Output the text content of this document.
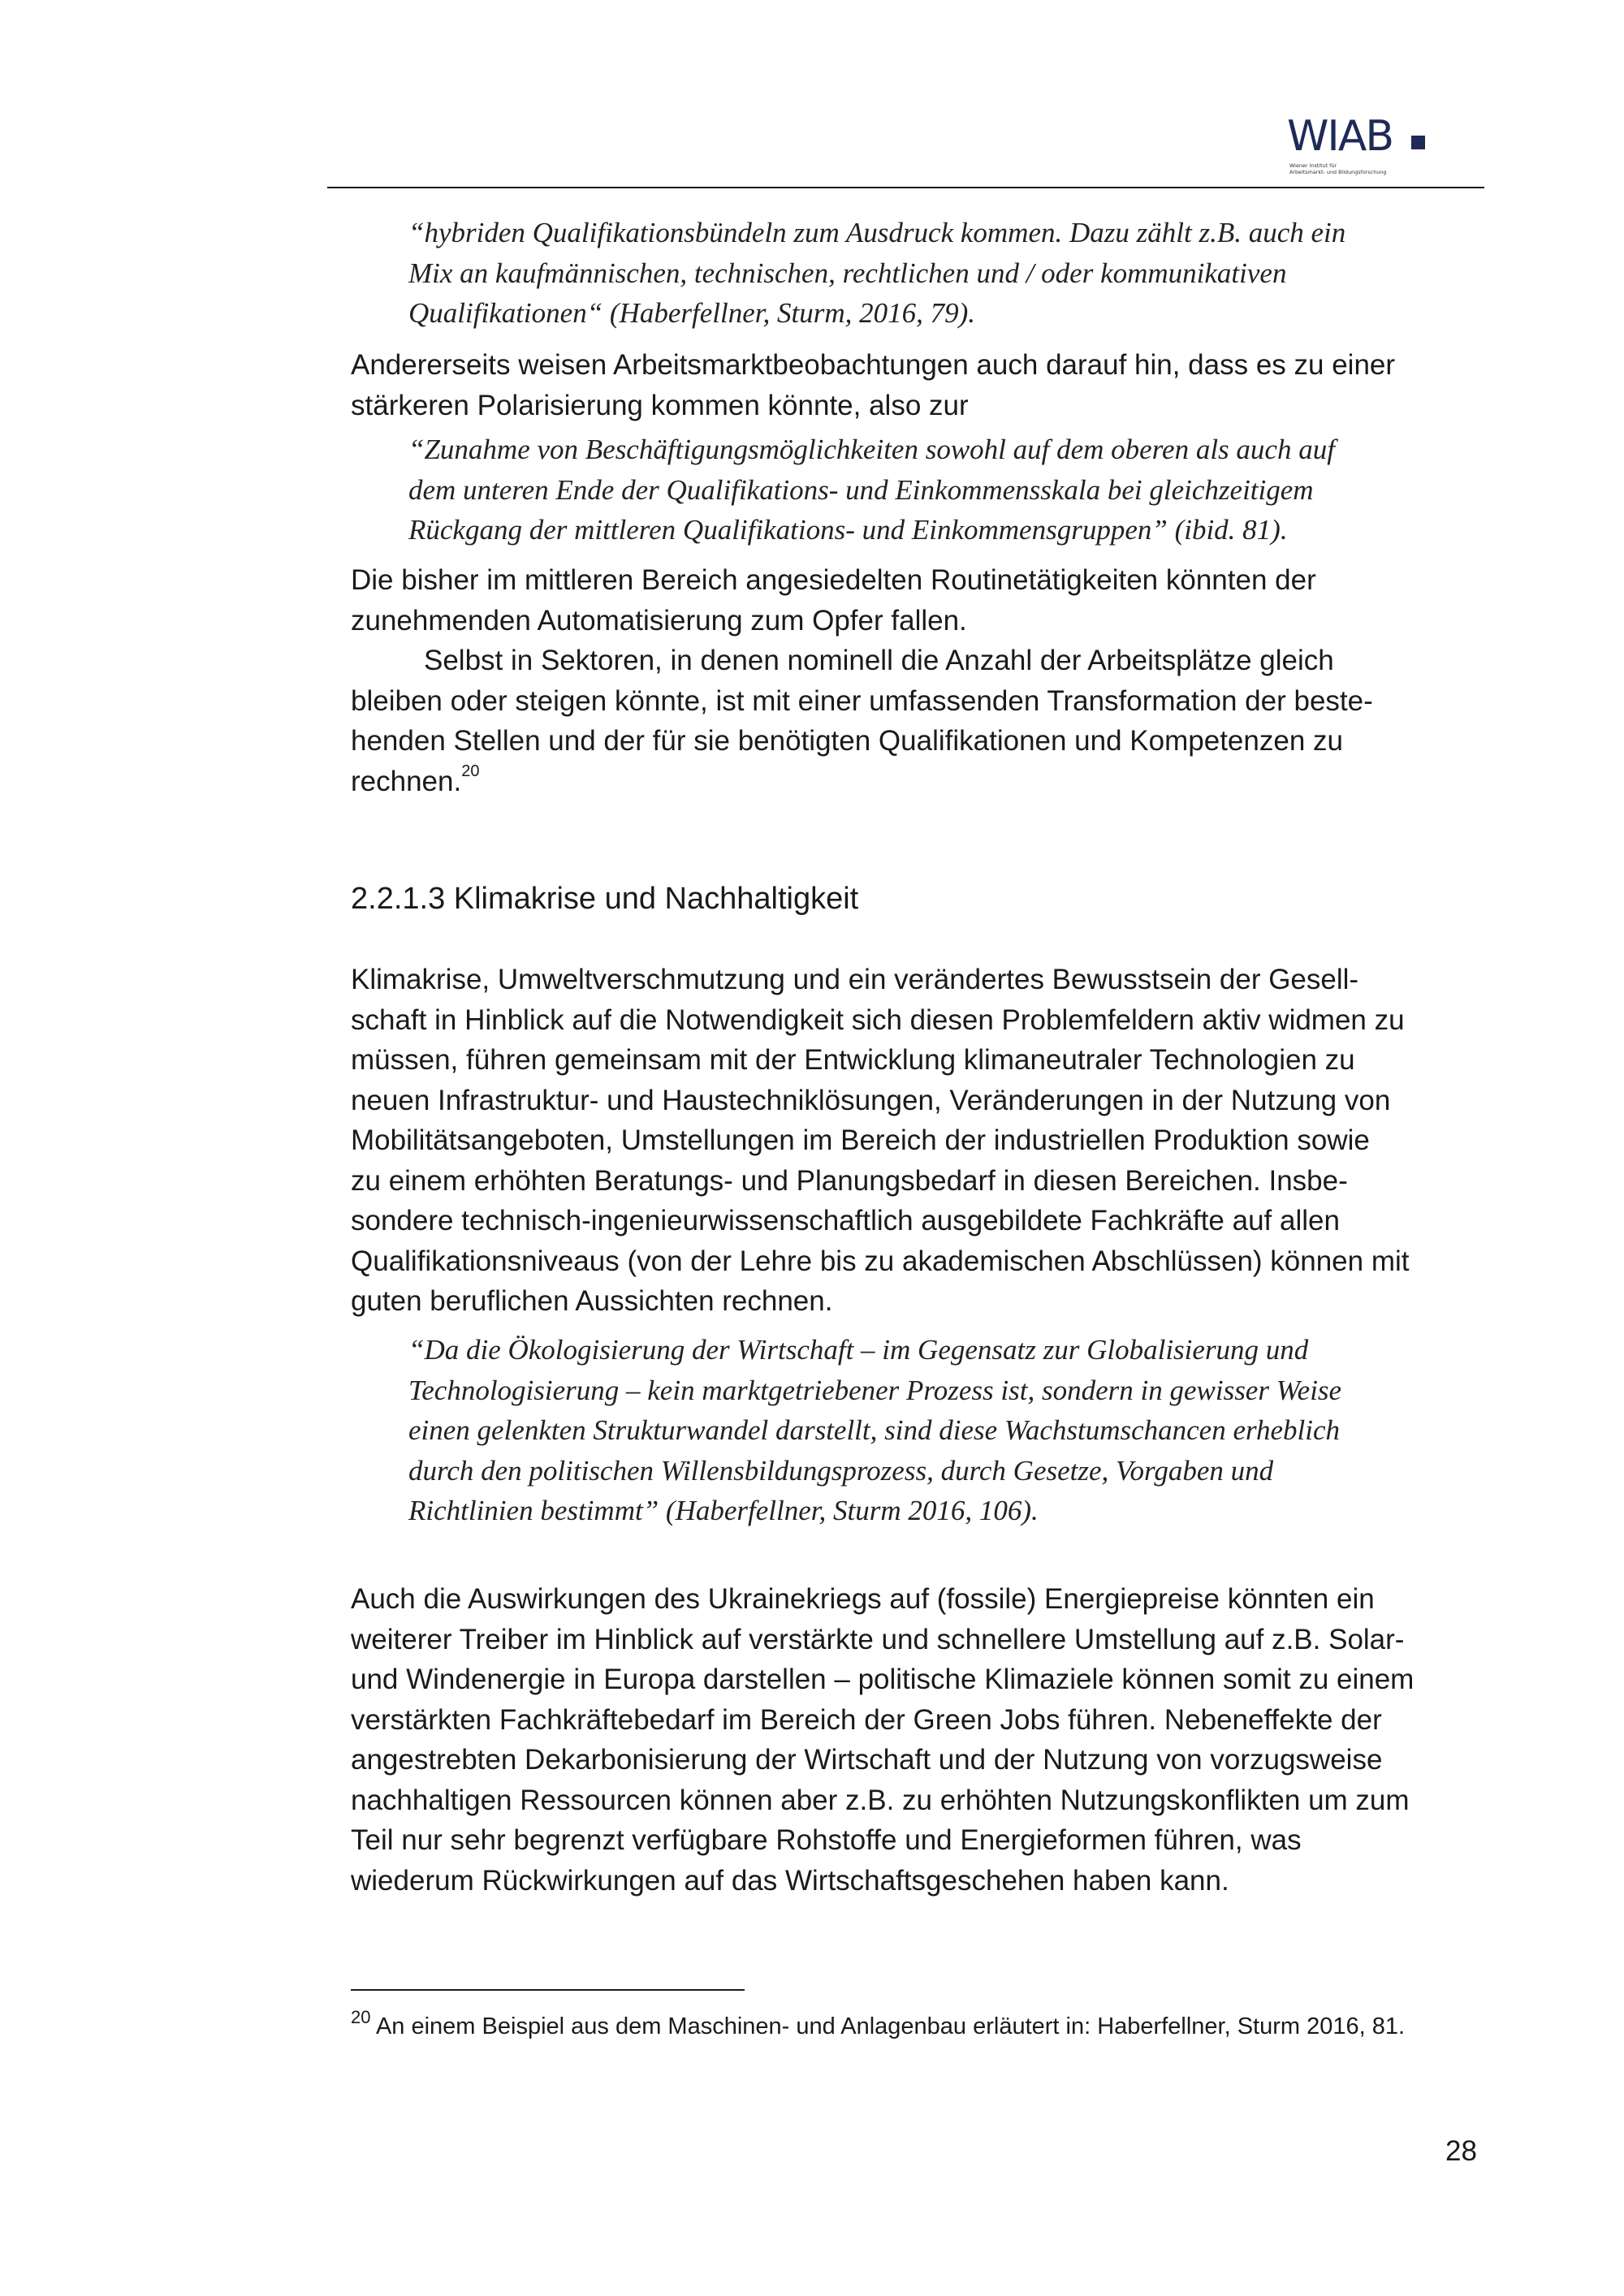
WIAB
Wiener Institut für
Arbeitsmarkt- und Bildungsforschung
“hybriden Qualifikationsbündeln zum Ausdruck kommen. Dazu zählt z.B. auch ein
Mix an kaufmännischen, technischen, rechtlichen und / oder kommunikativen
Qualifikationen“ (Haberfellner, Sturm, 2016, 79).
Andererseits weisen Arbeitsmarktbeobachtungen auch darauf hin, dass es zu einer
stärkeren Polarisierung kommen könnte, also zur
“Zunahme von Beschäftigungsmöglichkeiten sowohl auf dem oberen als auch auf
dem unteren Ende der Qualifikations- und Einkommensskala bei gleichzeitigem
Rückgang der mittleren Qualifikations- und Einkommensgruppen” (ibid. 81).
Die bisher im mittleren Bereich angesiedelten Routinetätigkeiten könnten der
zunehmenden Automatisierung zum Opfer fallen.
Selbst in Sektoren, in denen nominell die Anzahl der Arbeitsplätze gleich
bleiben oder steigen könnte, ist mit einer umfassenden Transformation der beste-
henden Stellen und der für sie benötigten Qualifikationen und Kompetenzen zu
rechnen.$^{20}$
2.2.1.3 Klimakrise und Nachhaltigkeit
Klimakrise, Umweltverschmutzung und ein verändertes Bewusstsein der Gesell-
schaft in Hinblick auf die Notwendigkeit sich diesen Problemfeldern aktiv widmen zu
müssen, führen gemeinsam mit der Entwicklung klimaneutraler Technologien zu
neuen Infrastruktur- und Haustechniklösungen, Veränderungen in der Nutzung von
Mobilitätsangeboten, Umstellungen im Bereich der industriellen Produktion sowie
zu einem erhöhten Beratungs- und Planungsbedarf in diesen Bereichen. Insbe-
sondere technisch-ingenieurwissenschaftlich ausgebildete Fachkräfte auf allen
Qualifikationsniveaus (von der Lehre bis zu akademischen Abschlüssen) können mit
guten beruflichen Aussichten rechnen.
“Da die Ökologisierung der Wirtschaft – im Gegensatz zur Globalisierung und
Technologisierung – kein marktgetriebener Prozess ist, sondern in gewisser Weise
einen gelenkten Strukturwandel darstellt, sind diese Wachstumschancen erheblich
durch den politischen Willensbildungsprozess, durch Gesetze, Vorgaben und
Richtlinien bestimmt” (Haberfellner, Sturm 2016, 106).
Auch die Auswirkungen des Ukrainekriegs auf (fossile) Energiepreise könnten ein
weiterer Treiber im Hinblick auf verstärkte und schnellere Umstellung auf z.B. Solar-
und Windenergie in Europa darstellen – politische Klimaziele können somit zu einem
verstärkten Fachkräftebedarf im Bereich der Green Jobs führen. Nebeneffekte der
angestrebten Dekarbonisierung der Wirtschaft und der Nutzung von vorzugsweise
nachhaltigen Ressourcen können aber z.B. zu erhöhten Nutzungskonflikten um zum
Teil nur sehr begrenzt verfügbare Rohstoffe und Energieformen führen, was
wiederum Rückwirkungen auf das Wirtschaftsgeschehen haben kann.
$^{20}$ An einem Beispiel aus dem Maschinen- und Anlagenbau erläutert in: Haberfellner, Sturm 2016, 81.
28
